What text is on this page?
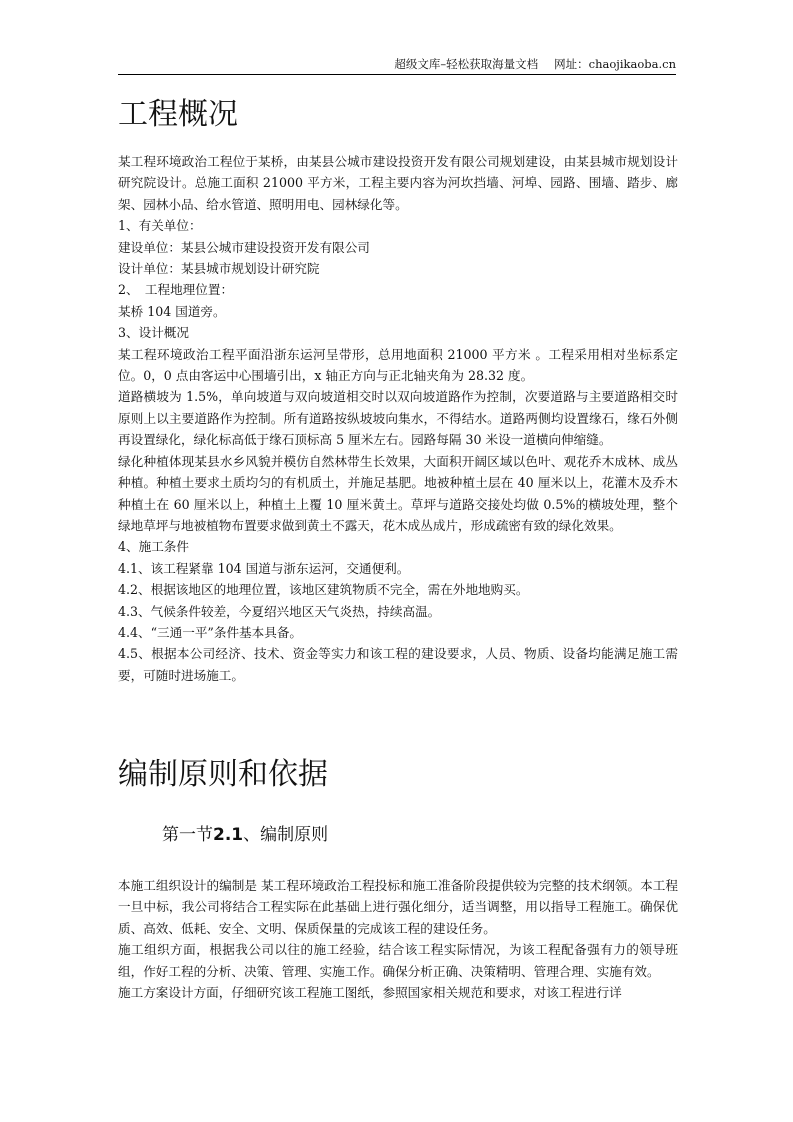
超级文库–轻松获取海量文档 网址：chaojikaoba.cn
工程概况

某工程环境政治工程位于某桥，由某县公城市建设投资开发有限公司规划建设，由某县城市规划设计研究院设计。总施工面积 21000 平方米，工程主要内容为河坎挡墙、河埠、园路、围墙、踏步、廊架、园林小品、给水管道、照明用电、园林绿化等。

1、有关单位：

建设单位：某县公城市建设投资开发有限公司

设计单位：某县城市规划设计研究院

2、　工程地理位置：

某桥 104 国道旁。

3、设计概况

某工程环境政治工程平面沿浙东运河呈带形，总用地面积 21000 平方米 。工程采用相对坐标系定位。0，0 点由客运中心围墙引出，x 轴正方向与正北轴夹角为 28.32 度。

道路横坡为 1.5%，单向坡道与双向坡道相交时以双向坡道路作为控制，次要道路与主要道路相交时原则上以主要道路作为控制。所有道路按纵坡坡向集水，不得结水。道路两侧均设置缘石，缘石外侧再设置绿化，绿化标高低于缘石顶标高 5 厘米左右。园路每隔 30 米设一道横向伸缩缝。

绿化种植体现某县水乡风貌并模仿自然林带生长效果，大面积开阔区域以色叶、观花乔木成林、成丛种植。种植土要求土质均匀的有机质土，并施足基肥。地被种植土层在 40 厘米以上，花灌木及乔木种植土在 60 厘米以上，种植土上覆 10 厘米黄土。草坪与道路交接处均做 0.5%的横坡处理，整个绿地草坪与地被植物布置要求做到黄土不露天，花木成丛成片，形成疏密有致的绿化效果。

4、施工条件

4.1、该工程紧靠 104 国道与浙东运河，交通便利。

4.2、根据该地区的地理位置，该地区建筑物质不完全，需在外地地购买。

4.3、气候条件较差，今夏绍兴地区天气炎热，持续高温。

4.4、“三通一平”条件基本具备。

4.5、根据本公司经济、技术、资金等实力和该工程的建设要求，人员、物质、设备均能满足施工需要，可随时进场施工。

编制原则和依据
第一节2.1、编制原则

本施工组织设计的编制是 某工程环境政治工程投标和施工准备阶段提供较为完整的技术纲领。本工程一旦中标，我公司将结合工程实际在此基础上进行强化细分，适当调整，用以指导工程施工。确保优质、高效、低耗、安全、文明、保质保量的完成该工程的建设任务。

施工组织方面，根据我公司以往的施工经验，结合该工程实际情况，为该工程配备强有力的领导班组，作好工程的分析、决策、管理、实施工作。确保分析正确、决策精明、管理合理、实施有效。

施工方案设计方面，仔细研究该工程施工图纸，参照国家相关规范和要求，对该工程进行详
